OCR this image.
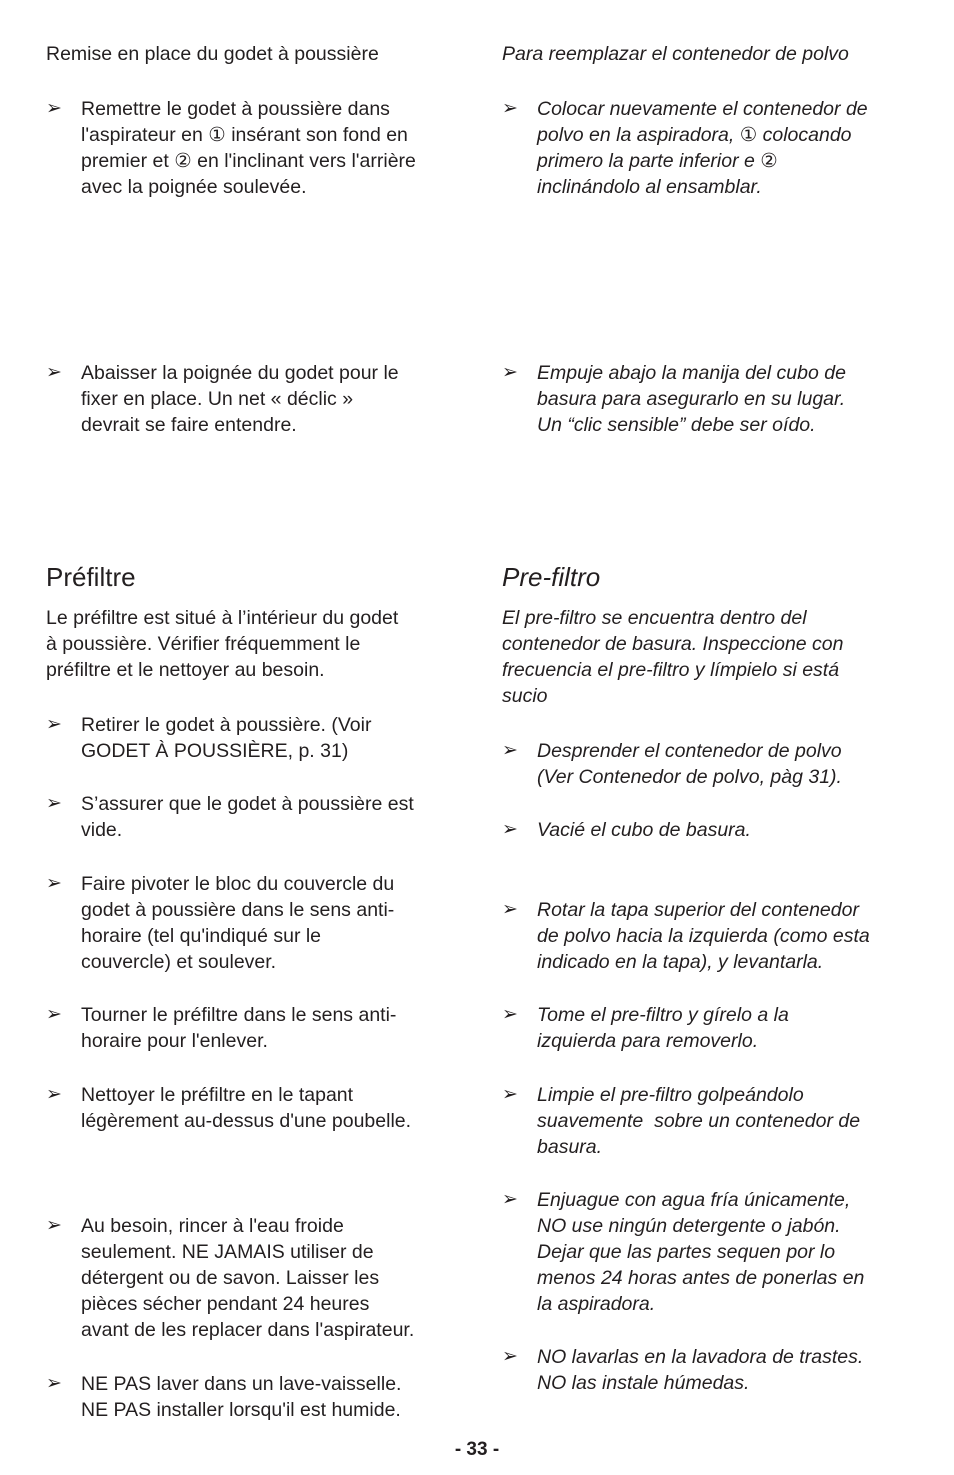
Remise en place du godet à poussière

➢ Remettre le godet à poussière dans
l'aspirateur en ① insérant son fond en
premier et ② en l'inclinant vers l'arrière
avec la poignée soulevée.

➢ Abaisser la poignée du godet pour le
fixer en place. Un net « déclic »
devrait se faire entendre.

Préfiltre

Le préfiltre est situé à l’intérieur du godet
à poussière. Vérifier fréquemment le
préfiltre et le nettoyer au besoin.

➢ Retirer le godet à poussière. (Voir
GODET À POUSSIÈRE, p. 31)

➢ S’assurer que le godet à poussière est
vide.

➢ Faire pivoter le bloc du couvercle du
godet à poussière dans le sens anti-
horaire (tel qu'indiqué sur le
couvercle) et soulever.

➢ Tourner le préfiltre dans le sens anti-
horaire pour l'enlever.

➢ Nettoyer le préfiltre en le tapant
légèrement au-dessus d'une poubelle.

➢ Au besoin, rincer à l'eau froide
seulement. NE JAMAIS utiliser de
détergent ou de savon. Laisser les
pièces sécher pendant 24 heures
avant de les replacer dans l'aspirateur.

➢ NE PAS laver dans un lave-vaisselle.
NE PAS installer lorsqu'il est humide.

Para reemplazar el contenedor de polvo

➢ Colocar nuevamente el contenedor de
polvo en la aspiradora, ① colocando
primero la parte inferior e ②
inclinándolo al ensamblar.

➢ Empuje abajo la manija del cubo de
basura para asegurarlo en su lugar.
Un “clic sensible” debe ser oído.

Pre-filtro

El pre-filtro se encuentra dentro del
contenedor de basura. Inspeccione con
frecuencia el pre-filtro y límpielo si está
sucio

➢ Desprender el contenedor de polvo
(Ver Contenedor de polvo, pàg 31).

➢ Vacié el cubo de basura.

➢ Rotar la tapa superior del contenedor
de polvo hacia la izquierda (como esta
indicado en la tapa), y levantarla.

➢ Tome el pre-filtro y gírelo a la
izquierda para removerlo.

➢ Limpie el pre-filtro golpeándolo
suavemente  sobre un contenedor de
basura.

➢ Enjuague con agua fría únicamente,
NO use ningún detergente o jabón.
Dejar que las partes sequen por lo
menos 24 horas antes de ponerlas en
la aspiradora.

➢ NO lavarlas en la lavadora de trastes.
NO las instale húmedas.

- 33 -
